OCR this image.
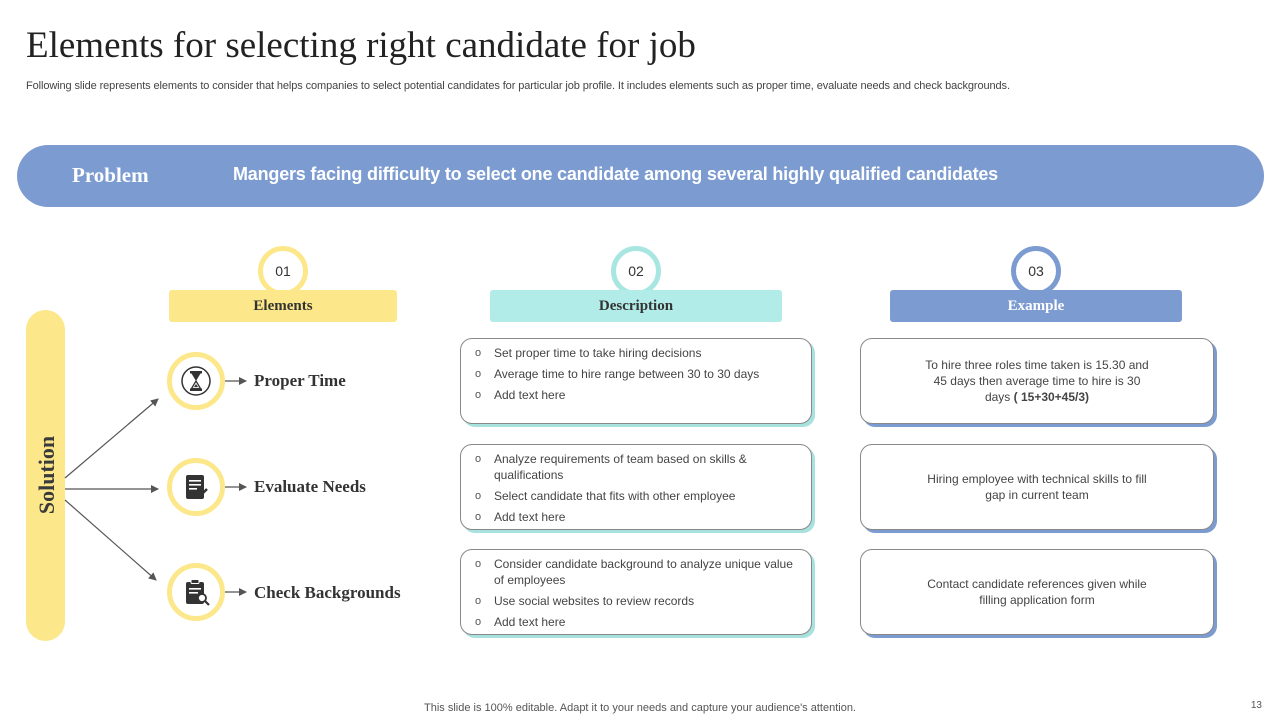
Elements for selecting right candidate for job
Following slide represents elements to consider that helps companies to select potential candidates for particular job profile. It includes elements such as proper time, evaluate needs and check backgrounds.
Problem	Mangers facing difficulty to select one candidate among several highly qualified candidates
01	02	03
Elements	Description	Example
Solution
Proper Time
o Set proper time to take hiring decisions
o Average time to hire range between 30 to 30 days
o Add text here
To hire three roles time taken is 15.30 and 45 days then average time to hire is 30 days ( 15+30+45/3)
Evaluate Needs
o Analyze requirements of team based on skills & qualifications
o Select candidate that fits with other employee
o Add text here
Hiring employee with technical skills to fill gap in current team
Check Backgrounds
o Consider candidate background to analyze unique value of employees
o Use social websites to review records
o Add text here
Contact candidate references given while filling application form
This slide is 100% editable. Adapt it to your needs and capture your audience's attention.	13
